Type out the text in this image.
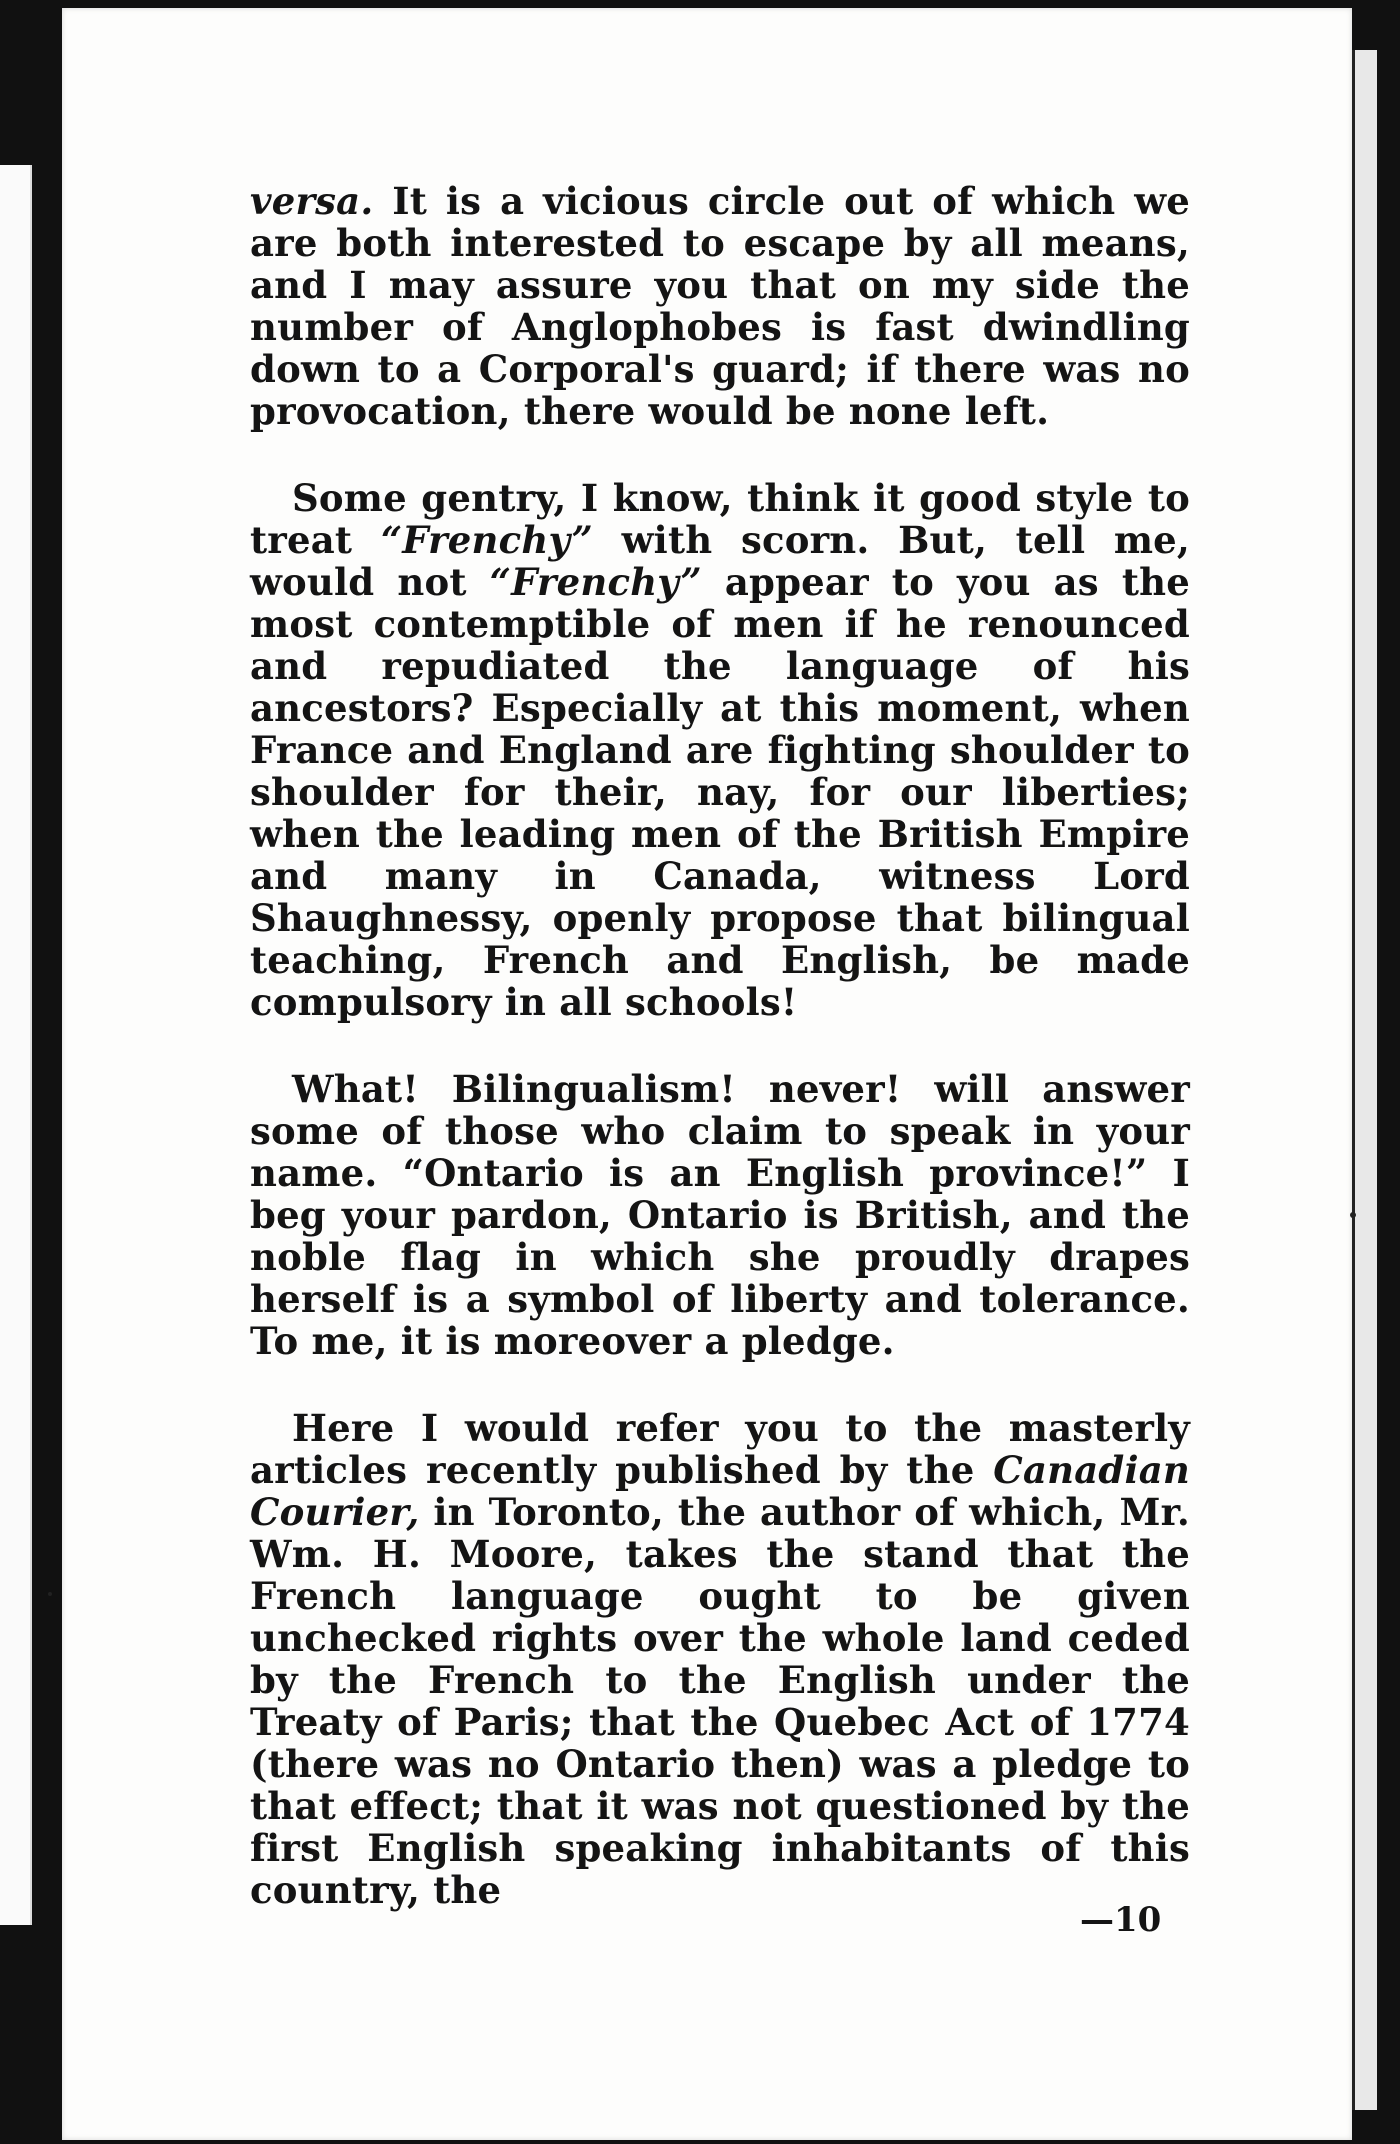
versa. It is a vicious circle out of which we are both interested to escape by all means, and I may assure you that on my side the number of Anglophobes is fast dwindling down to a Corporal's guard; if there was no provocation, there would be none left.

Some gentry, I know, think it good style to treat “Frenchy” with scorn. But, tell me, would not “Frenchy” appear to you as the most contemptible of men if he renounced and repudiated the language of his ancestors? Especially at this moment, when France and England are fighting shoulder to shoulder for their, nay, for our liberties; when the leading men of the British Empire and many in Canada, witness Lord Shaughnessy, openly propose that bilingual teaching, French and English, be made compulsory in all schools!

What! Bilingualism! never! will answer some of those who claim to speak in your name. “Ontario is an English province!” I beg your pardon, Ontario is British, and the noble flag in which she proudly drapes herself is a symbol of liberty and tolerance. To me, it is moreover a pledge.

Here I would refer you to the masterly articles recently published by the Canadian Courier, in Toronto, the author of which, Mr. Wm. H. Moore, takes the stand that the French language ought to be given unchecked rights over the whole land ceded by the French to the English under the Treaty of Paris; that the Quebec Act of 1774 (there was no Ontario then) was a pledge to that effect; that it was not questioned by the first English speaking inhabitants of this country, the

—10
